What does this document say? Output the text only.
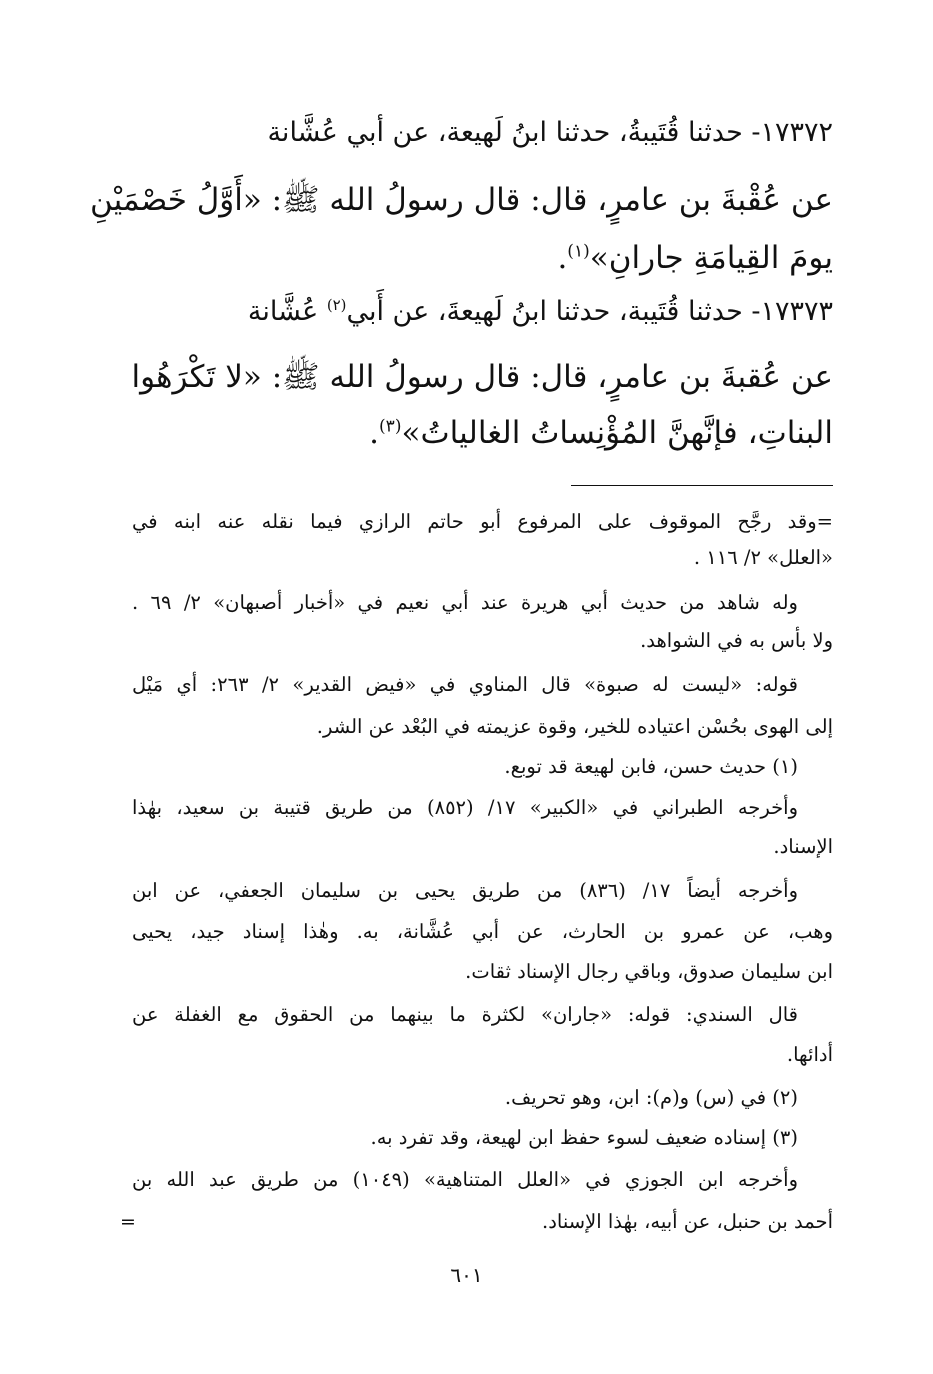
١٧٣٧٢- حدثنا قُتَيبةُ، حدثنا ابنُ لَهيعة، عن أبي عُشَّانة

عن عُقْبةَ بن عامرٍ، قال: قال رسولُ الله ﷺ: «أَوَّلُ خَصْمَيْنِ

يومَ القِيامَةِ جارانِ»$^{(١)}$.

١٧٣٧٣- حدثنا قُتَيبة، حدثنا ابنُ لَهيعةَ، عن أَبي$^{(٢)}$ عُشَّانة

عن عُقبةَ بن عامرٍ، قال: قال رسولُ الله ﷺ: «لا تَكْرَهُوا

البناتِ، فإنَّهنَّ المُؤْنِساتُ الغالياتُ»$^{(٣)}$.

=وقد رجَّح الموقوف على المرفوع أبو حاتم الرازي فيما نقله عنه ابنه في

«العلل» ٢/ ١١٦ .

وله شاهد من حديث أبي هريرة عند أبي نعيم في «أخبار أصبهان» ٢/ ٦٩ .

ولا بأس به في الشواهد.

قوله: «ليست له صبوة» قال المناوي في «فيض القدير» ٢/ ٢٦٣: أي مَيْل

إلى الهوى بحُسْن اعتياده للخير، وقوة عزيمته في البُعْد عن الشر.

(١) حديث حسن، فابن لهيعة قد توبع.

وأخرجه الطبراني في «الكبير» ١٧/ (٨٥٢) من طريق قتيبة بن سعيد، بهٰذا

الإسناد.

وأخرجه أيضاً ١٧/ (٨٣٦) من طريق يحيى بن سليمان الجعفي، عن ابن

وهب، عن عمرو بن الحارث، عن أبي عُشَّانة، به. وهٰذا إسناد جيد، يحيى

ابن سليمان صدوق، وباقي رجال الإسناد ثقات.

قال السندي: قوله: «جاران» لكثرة ما بينهما من الحقوق مع الغفلة عن

أدائها.

(٢) في (س) و(م): ابن، وهو تحريف.

(٣) إسناده ضعيف لسوء حفظ ابن لهيعة، وقد تفرد به.

وأخرجه ابن الجوزي في «العلل المتناهية» (١٠٤٩) من طريق عبد الله بن

أحمد بن حنبل، عن أبيه، بهٰذا الإسناد.

=
٦٠١
